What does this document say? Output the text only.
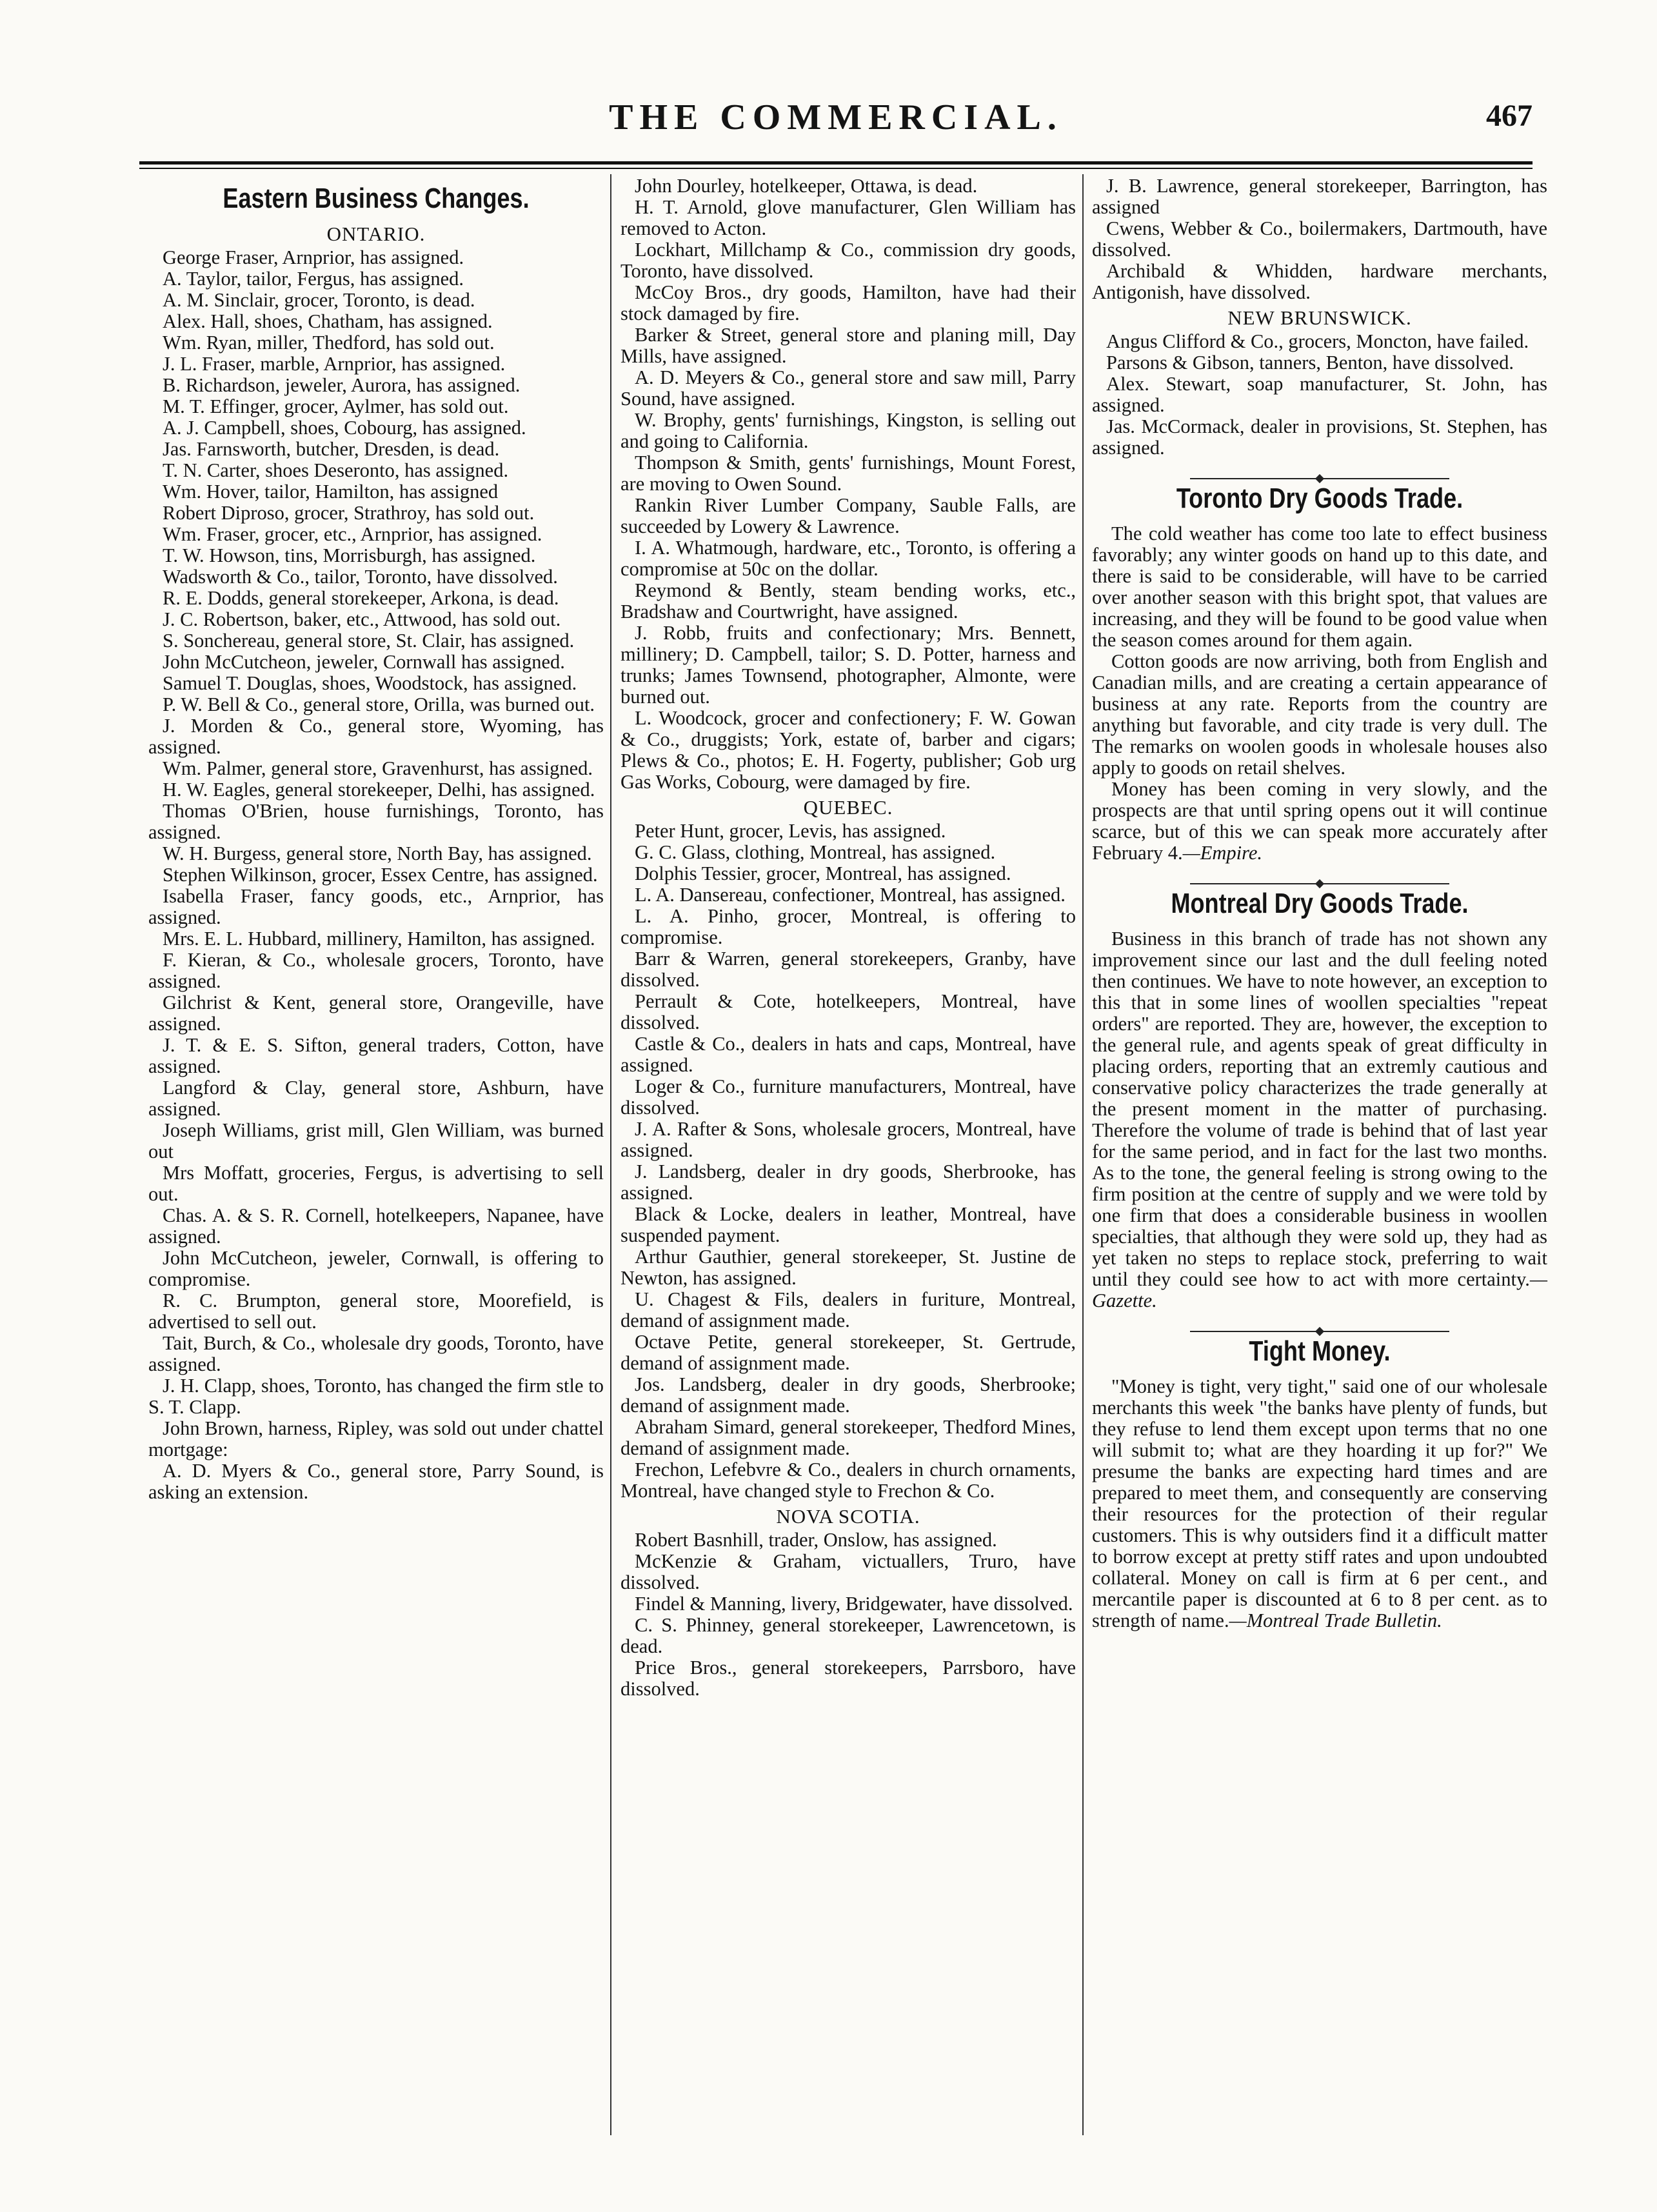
THE COMMERCIAL.	467
Eastern Business Changes.
ONTARIO.

George Fraser, Arnprior, has assigned.

A. Taylor, tailor, Fergus, has assigned.

A. M. Sinclair, grocer, Toronto, is dead.

Alex. Hall, shoes, Chatham, has assigned.

Wm. Ryan, miller, Thedford, has sold out.

J. L. Fraser, marble, Arnprior, has assigned.

B. Richardson, jeweler, Aurora, has assigned.

M. T. Effinger, grocer, Aylmer, has sold out.

A. J. Campbell, shoes, Cobourg, has assigned.

Jas. Farnsworth, butcher, Dresden, is dead.

T. N. Carter, shoes Deseronto, has assigned.

Wm. Hover, tailor, Hamilton, has assigned

Robert Diproso, grocer, Strathroy, has sold out.

Wm. Fraser, grocer, etc., Arnprior, has assigned.

T. W. Howson, tins, Morrisburgh, has assigned.

Wadsworth & Co., tailor, Toronto, have dissolved.

R. E. Dodds, general storekeeper, Arkona, is dead.

J. C. Robertson, baker, etc., Attwood, has sold out.

S. Sonchereau, general store, St. Clair, has assigned.

John McCutcheon, jeweler, Cornwall has assigned.

Samuel T. Douglas, shoes, Woodstock, has assigned.

P. W. Bell & Co., general store, Orilla, was burned out.

J. Morden & Co., general store, Wyoming, has assigned.

Wm. Palmer, general store, Gravenhurst, has assigned.

H. W. Eagles, general storekeeper, Delhi, has assigned.

Thomas O'Brien, house furnishings, Toronto, has assigned.

W. H. Burgess, general store, North Bay, has assigned.

Stephen Wilkinson, grocer, Essex Centre, has assigned.

Isabella Fraser, fancy goods, etc., Arnprior, has assigned.

Mrs. E. L. Hubbard, millinery, Hamilton, has assigned.

F. Kieran, & Co., wholesale grocers, Toronto, have assigned.

Gilchrist & Kent, general store, Orangeville, have assigned.

J. T. & E. S. Sifton, general traders, Cotton, have assigned.

Langford & Clay, general store, Ashburn, have assigned.

Joseph Williams, grist mill, Glen William, was burned out

Mrs Moffatt, groceries, Fergus, is advertising to sell out.

Chas. A. & S. R. Cornell, hotelkeepers, Napanee, have assigned.

John McCutcheon, jeweler, Cornwall, is offering to compromise.

R. C. Brumpton, general store, Moorefield, is advertised to sell out.

Tait, Burch, & Co., wholesale dry goods, Toronto, have assigned.

J. H. Clapp, shoes, Toronto, has changed the firm stle to S. T. Clapp.

John Brown, harness, Ripley, was sold out under chattel mortgage:

A. D. Myers & Co., general store, Parry Sound, is asking an extension.

John Dourley, hotelkeeper, Ottawa, is dead.

H. T. Arnold, glove manufacturer, Glen William has removed to Acton.

Lockhart, Millchamp & Co., commission dry goods, Toronto, have dissolved.

McCoy Bros., dry goods, Hamilton, have had their stock damaged by fire.

Barker & Street, general store and planing mill, Day Mills, have assigned.

A. D. Meyers & Co., general store and saw mill, Parry Sound, have assigned.

W. Brophy, gents' furnishings, Kingston, is selling out and going to California.

Thompson & Smith, gents' furnishings, Mount Forest, are moving to Owen Sound.

Rankin River Lumber Company, Sauble Falls, are succeeded by Lowery & Lawrence.

I. A. Whatmough, hardware, etc., Toronto, is offering a compromise at 50c on the dollar.

Reymond & Bently, steam bending works, etc., Bradshaw and Courtwright, have assigned.

J. Robb, fruits and confectionary; Mrs. Bennett, millinery; D. Campbell, tailor; S. D. Potter, harness and trunks; James Townsend, photographer, Almonte, were burned out.

L. Woodcock, grocer and confectionery; F. W. Gowan & Co., druggists; York, estate of, barber and cigars; Plews & Co., photos; E. H. Fogerty, publisher; Gob urg Gas Works, Cobourg, were damaged by fire.

QUEBEC.

Peter Hunt, grocer, Levis, has assigned.

G. C. Glass, clothing, Montreal, has assigned.

Dolphis Tessier, grocer, Montreal, has assigned.

L. A. Dansereau, confectioner, Montreal, has assigned.

L. A. Pinho, grocer, Montreal, is offering to compromise.

Barr & Warren, general storekeepers, Granby, have dissolved.

Perrault & Cote, hotelkeepers, Montreal, have dissolved.

Castle & Co., dealers in hats and caps, Montreal, have assigned.

Loger & Co., furniture manufacturers, Montreal, have dissolved.

J. A. Rafter & Sons, wholesale grocers, Montreal, have assigned.

J. Landsberg, dealer in dry goods, Sherbrooke, has assigned.

Black & Locke, dealers in leather, Montreal, have suspended payment.

Arthur Gauthier, general storekeeper, St. Justine de Newton, has assigned.

U. Chagest & Fils, dealers in furiture, Montreal, demand of assignment made.

Octave Petite, general storekeeper, St. Gertrude, demand of assignment made.

Jos. Landsberg, dealer in dry goods, Sherbrooke; demand of assignment made.

Abraham Simard, general storekeeper, Thedford Mines, demand of assignment made.

Frechon, Lefebvre & Co., dealers in church ornaments, Montreal, have changed style to Frechon & Co.

NOVA SCOTIA.

Robert Basnhill, trader, Onslow, has assigned.

McKenzie & Graham, victuallers, Truro, have dissolved.

Findel & Manning, livery, Bridgewater, have dissolved.

C. S. Phinney, general storekeeper, Lawrencetown, is dead.

Price Bros., general storekeepers, Parrsboro, have dissolved.

J. B. Lawrence, general storekeeper, Barrington, has assigned

Cwens, Webber & Co., boilermakers, Dartmouth, have dissolved.

Archibald & Whidden, hardware merchants, Antigonish, have dissolved.

NEW BRUNSWICK.

Angus Clifford & Co., grocers, Moncton, have failed.

Parsons & Gibson, tanners, Benton, have dissolved.

Alex. Stewart, soap manufacturer, St. John, has assigned.

Jas. McCormack, dealer in provisions, St. Stephen, has assigned.

Toronto Dry Goods Trade.

The cold weather has come too late to effect business favorably; any winter goods on hand up to this date, and there is said to be considerable, will have to be carried over another season with this bright spot, that values are increasing, and they will be found to be good value when the season comes around for them again.

Cotton goods are now arriving, both from English and Canadian mills, and are creating a certain appearance of business at any rate. Reports from the country are anything but favorable, and city trade is very dull. The The remarks on woolen goods in wholesale houses also apply to goods on retail shelves.

Money has been coming in very slowly, and the prospects are that until spring opens out it will continue scarce, but of this we can speak more accurately after February 4.—Empire.

Montreal Dry Goods Trade.

Business in this branch of trade has not shown any improvement since our last and the dull feeling noted then continues. We have to note however, an exception to this that in some lines of woollen specialties "repeat orders" are reported. They are, however, the exception to the general rule, and agents speak of great difficulty in placing orders, reporting that an extremly cautious and conservative policy characterizes the trade generally at the present moment in the matter of purchasing. Therefore the volume of trade is behind that of last year for the same period, and in fact for the last two months. As to the tone, the general feeling is strong owing to the firm position at the centre of supply and we were told by one firm that does a considerable business in woollen specialties, that although they were sold up, they had as yet taken no steps to replace stock, preferring to wait until they could see how to act with more certainty.—Gazette.

Tight Money.

"Money is tight, very tight," said one of our wholesale merchants this week "the banks have plenty of funds, but they refuse to lend them except upon terms that no one will submit to; what are they hoarding it up for?" We presume the banks are expecting hard times and are prepared to meet them, and consequently are conserving their resources for the protection of their regular customers. This is why outsiders find it a difficult matter to borrow except at pretty stiff rates and upon undoubted collateral. Money on call is firm at 6 per cent., and mercantile paper is discounted at 6 to 8 per cent. as to strength of name.—Montreal Trade Bulletin.
